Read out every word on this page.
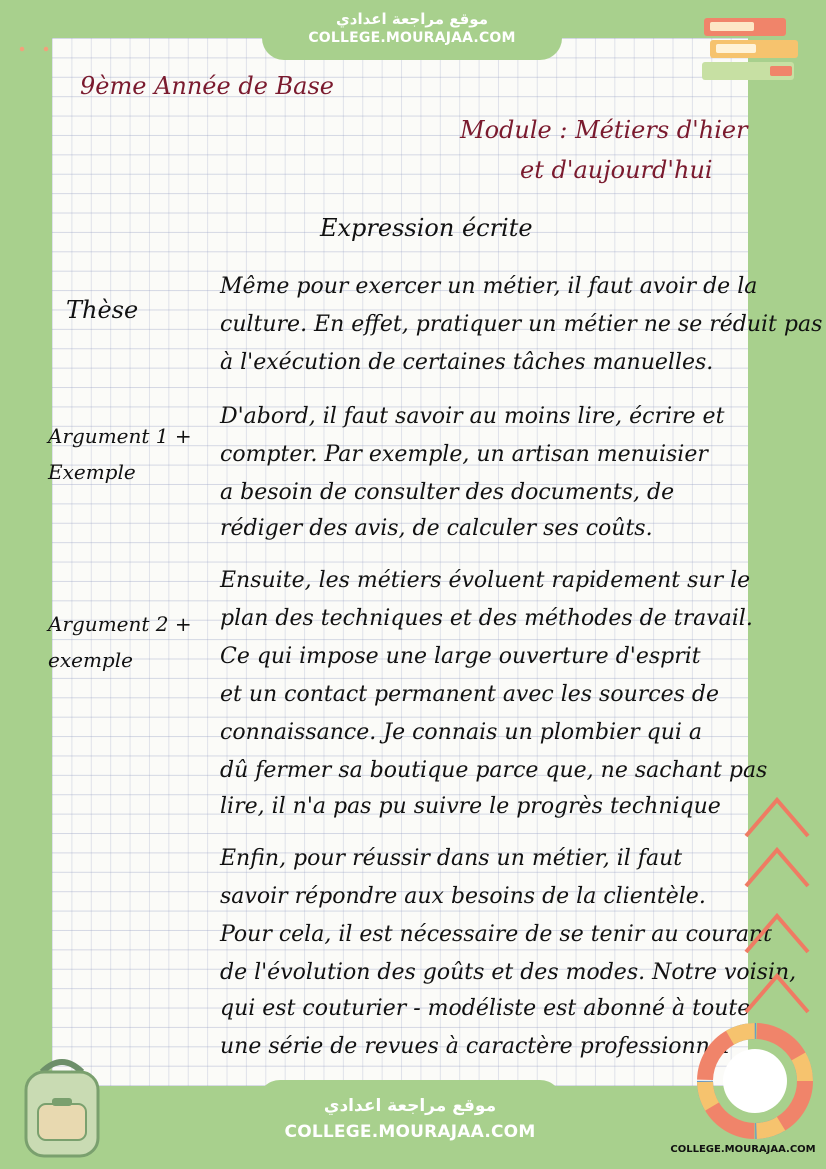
9ème Année de Base
Module : Métiers d'hier
et d'aujourd'hui
Expression écrite
Thèse
Argument 1 +
Exemple
Argument 2 +
exemple
Même pour exercer un métier, il faut avoir de la
culture. En effet, pratiquer un métier ne se réduit pas
à l'exécution de certaines tâches manuelles.
D'abord, il faut savoir au moins lire, écrire et
compter. Par exemple, un artisan menuisier
a besoin de consulter des documents, de
rédiger des avis, de calculer ses coûts.
Ensuite, les métiers évoluent rapidement sur le
plan des techniques et des méthodes de travail.
Ce qui impose une large ouverture d'esprit
et un contact permanent avec les sources de
connaissance. Je connais un plombier qui a
dû fermer sa boutique parce que, ne sachant pas
lire, il n'a pas pu suivre le progrès technique
Enfin, pour réussir dans un métier, il faut
savoir répondre aux besoins de la clientèle.
Pour cela, il est nécessaire de se tenir au courant
de l'évolution des goûts et des modes. Notre voisin,
qui est couturier - modéliste est abonné à toute
une série de revues à caractère professionnel
موقع مراجعة اعدادي
COLLEGE.MOURAJAA.COM
موقع مراجعة اعدادي
COLLEGE.MOURAJAA.COM
COLLEGE.MOURAJAA.COM
